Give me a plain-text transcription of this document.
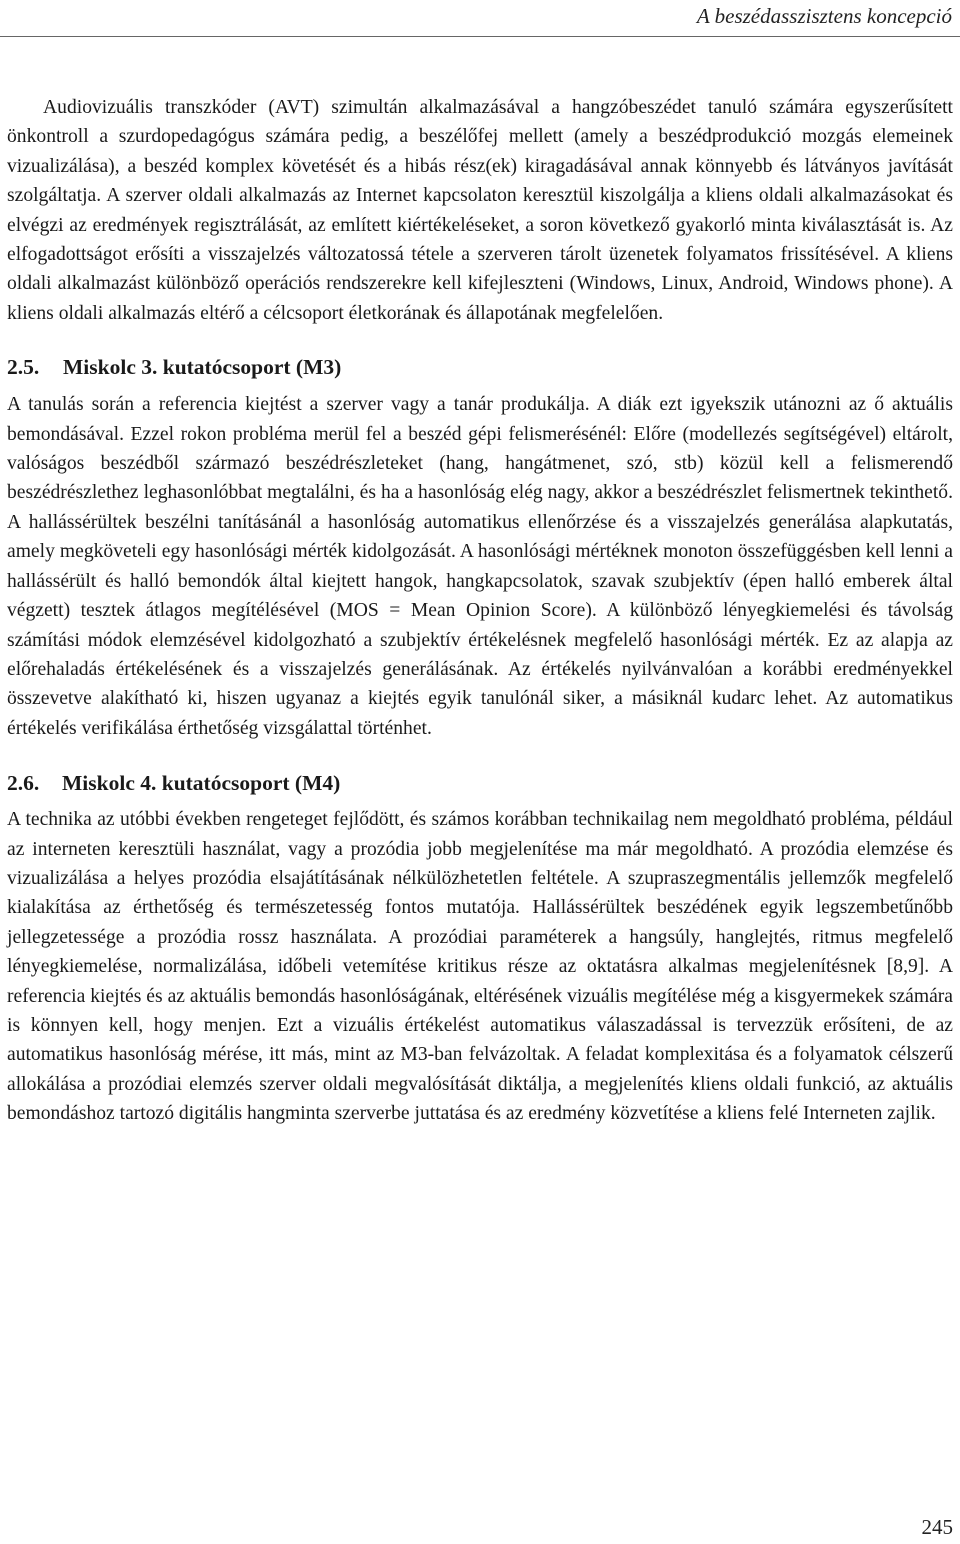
A beszédasszisztens koncepció

Audiovizuális transzkóder (AVT) szimultán alkalmazásával a hangzóbeszédet tanuló számára egyszerűsített önkontroll a szurdopedagógus számára pedig, a beszélőfej mellett (amely a beszédprodukció mozgás elemeinek vizualizálása), a beszéd komplex követését és a hibás rész(ek) kiragadásával annak könnyebb és látványos javítását szolgáltatja. A szerver oldali alkalmazás az Internet kapcsolaton keresztül kiszolgálja a kliens oldali alkalmazásokat és elvégzi az eredmények regisztrálását, az említett kiértékeléseket, a soron következő gyakorló minta kiválasztását is. Az elfogadottságot erősíti a visszajelzés változatossá tétele a szerveren tárolt üzenetek folyamatos frissítésével. A kliens oldali alkalmazást különböző operációs rendszerekre kell kifejleszteni (Windows, Linux, Android, Windows phone). A kliens oldali alkalmazás eltérő a célcsoport életkorának és állapotának megfelelően.

2.5. Miskolc 3. kutatócsoport (M3)

A tanulás során a referencia kiejtést a szerver vagy a tanár produkálja. A diák ezt igyekszik utánozni az ő aktuális bemondásával. Ezzel rokon probléma merül fel a beszéd gépi felismerésénél: Előre (modellezés segítségével) eltárolt, valóságos beszédből származó beszédrészleteket (hang, hangátmenet, szó, stb) közül kell a felismerendő beszédrészlethez leghasonlóbbat megtalálni, és ha a hasonlóság elég nagy, akkor a beszédrészlet felismertnek tekinthető. A hallássérültek beszélni tanításánál a hasonlóság automatikus ellenőrzése és a visszajelzés generálása alapkutatás, amely megköveteli egy hasonlósági mérték kidolgozását. A hasonlósági mértéknek monoton összefüggésben kell lenni a hallássérült és halló bemondók által kiejtett hangok, hangkapcsolatok, szavak szubjektív (épen halló emberek által végzett) tesztek átlagos megítélésével (MOS = Mean Opinion Score). A különböző lényegkiemelési és távolság számítási módok elemzésével kidolgozható a szubjektív értékelésnek megfelelő hasonlósági mérték. Ez az alapja az előrehaladás értékelésének és a visszajelzés generálásának. Az értékelés nyilvánvalóan a korábbi eredményekkel összevetve alakítható ki, hiszen ugyanaz a kiejtés egyik tanulónál siker, a másiknál kudarc lehet. Az automatikus értékelés verifikálása érthetőség vizsgálattal történhet.

2.6. Miskolc 4. kutatócsoport (M4)

A technika az utóbbi években rengeteget fejlődött, és számos korábban technikailag nem megoldható probléma, például az interneten keresztüli használat, vagy a prozódia jobb megjelenítése ma már megoldható. A prozódia elemzése és vizualizálása a helyes prozódia elsajátításának nélkülözhetetlen feltétele. A szupraszegmentális jellemzők megfelelő kialakítása az érthetőség és természetesség fontos mutatója. Hallássérültek beszédének egyik legszembetűnőbb jellegzetessége a prozódia rossz használata. A prozódiai paraméterek a hangsúly, hanglejtés, ritmus megfelelő lényegkiemelése, normalizálása, időbeli vetemítése kritikus része az oktatásra alkalmas megjelenítésnek [8,9]. A referencia kiejtés és az aktuális bemondás hasonlóságának, eltérésének vizuális megítélése még a kisgyermekek számára is könnyen kell, hogy menjen. Ezt a vizuális értékelést automatikus válaszadással is tervezzük erősíteni, de az automatikus hasonlóság mérése, itt más, mint az M3-ban felvázoltak. A feladat komplexitása és a folyamatok célszerű allokálása a prozódiai elemzés szerver oldali megvalósítását diktálja, a megjelenítés kliens oldali funkció, az aktuális bemondáshoz tartozó digitális hangminta szerverbe juttatása és az eredmény közvetítése a kliens felé Interneten zajlik.

245
